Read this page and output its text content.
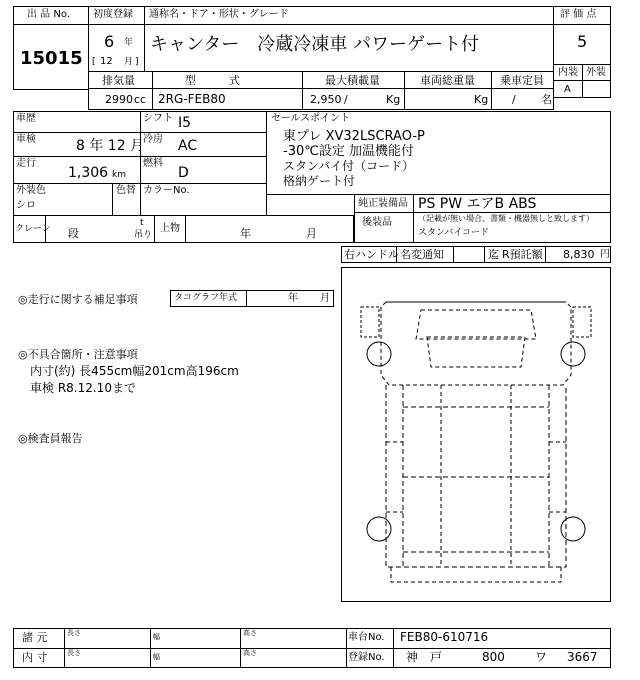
出 品 No.
15015
初度登録 通称名・ドア・形状・グレード
6 年
[ 12 月 ]
キャンター　冷蔵冷凍車 パワーゲート付
評 価 点
5
内装 外装
A
排気量	型　　　式	最大積載量	車両総重量 乗車定員
2990 cc 2RG-FEB80	2,950 /	Kg	Kg / 名
車歴	シフト I5
車検	8 年 12 月
冷房 AC
走行
1,306 km
燃料
D
外装色
シロ
色替 カラーNo.
クレーン 段
t
吊り
上物	年	月
セールスポイント
東プレ XV32LSCRAO-P
-30℃設定 加温機能付
スタンバイ付（コード）
格納ゲート付
純正装備品 PS PW エアB ABS
後装品	（記載が無い場合、書類・機器無しと致します）
スタンバイコード
右ハンドル 名変通知	迄 R預託額 8,830 円
◎走行に関する補足事項	タコグラフ年式	年 月
◎不具合箇所・注意事項
内寸(約) 長455cm幅201cm高196cm
車検 R8.12.10まで
◎検査員報告
諸 元
内 寸
長さ	幅	高さ
長さ	幅	高さ
車台No. FEB80-610716
登録No. 神　戸	800	ワ 3667
